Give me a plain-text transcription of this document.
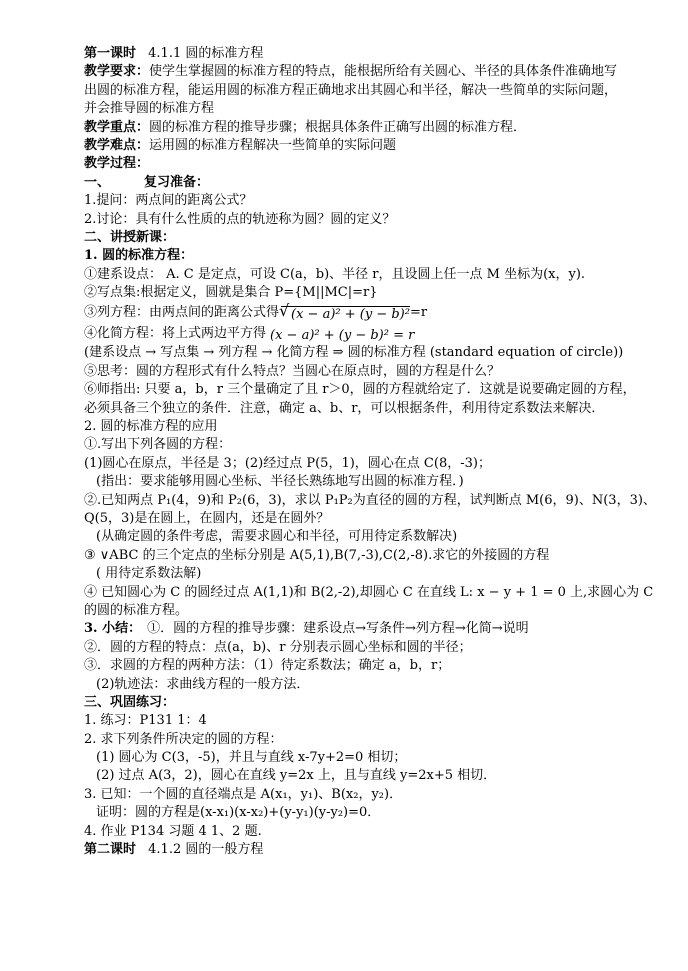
第一课时 4.1.1 圆的标准方程
教学要求：使学生掌握圆的标准方程的特点，能根据所给有关圆心、半径的具体条件准确地写
出圆的标准方程，能运用圆的标准方程正确地求出其圆心和半径，解决一些简单的实际问题，
并会推导圆的标准方程
教学重点：圆的标准方程的推导步骤；根据具体条件正确写出圆的标准方程．
教学难点：运用圆的标准方程解决一些简单的实际问题
教学过程：
一、	复习准备：
1.提问：两点间的距离公式？
2.讨论：具有什么性质的点的轨迹称为圆？圆的定义？
二、讲授新课：
1. 圆的标准方程：
①建系设点： A. C 是定点，可设 C(a，b)、半径 r，且设圆上任一点 M 坐标为(x，y).
②写点集:根据定义，圆就是集合 P={M||MC|=r}
③列方程：由两点间的距离公式得√ (x − a)² + (y − b)²=r
④化简方程：将上式两边平方得 (x − a)² + (y − b)² = r
(建系设点 → 写点集 → 列方程 → 化简方程 ⇒ 圆的标准方程 (standard equation of circle))
⑤思考：圆的方程形式有什么特点？当圆心在原点时，圆的方程是什么？
⑥师指出: 只要 a，b，r 三个量确定了且 r＞0，圆的方程就给定了．这就是说要确定圆的方程，
必须具备三个独立的条件．注意，确定 a、b、r，可以根据条件，利用待定系数法来解决．
2. 圆的标准方程的应用
①.写出下列各圆的方程：
(1)圆心在原点，半径是 3；(2)经过点 P(5，1)，圆心在点 C(8，-3)；
(指出：要求能够用圆心坐标、半径长熟练地写出圆的标准方程．)
②.已知两点 P₁(4，9)和 P₂(6，3)，求以 P₁P₂为直径的圆的方程，试判断点 M(6，9)、N(3，3)、
Q(5，3)是在圆上，在圆内，还是在圆外？
(从确定圆的条件考虑，需要求圆心和半径，可用待定系数解决)
③ ∨ABC 的三个定点的坐标分别是 A(5,1),B(7,-3),C(2,-8).求它的外接圆的方程
( 用待定系数法解)
④ 已知圆心为 C 的圆经过点 A(1,1)和 B(2,-2),却圆心 C 在直线 L: x − y + 1 = 0 上,求圆心为 C
的圆的标准方程。
3. 小结： ①．圆的方程的推导步骤：建系设点→写条件→列方程→化简→说明
②．圆的方程的特点：点(a，b)、r 分别表示圆心坐标和圆的半径；
③．求圆的方程的两种方法：（1）待定系数法；确定 a，b，r；
(2)轨迹法：求曲线方程的一般方法．
三、巩固练习：
1. 练习：P131 1：4
2. 求下列条件所决定的圆的方程：
(1) 圆心为 C(3，-5)，并且与直线 x-7y+2=0 相切；
(2) 过点 A(3，2)，圆心在直线 y=2x 上，且与直线 y=2x+5 相切．
3. 已知：一个圆的直径端点是 A(x₁，y₁)、B(x₂，y₂)．
证明：圆的方程是(x-x₁)(x-x₂)+(y-y₁)(y-y₂)=0．
4. 作业 P134 习题 4 1、2 题.
第二课时 4.1.2 圆的一般方程
